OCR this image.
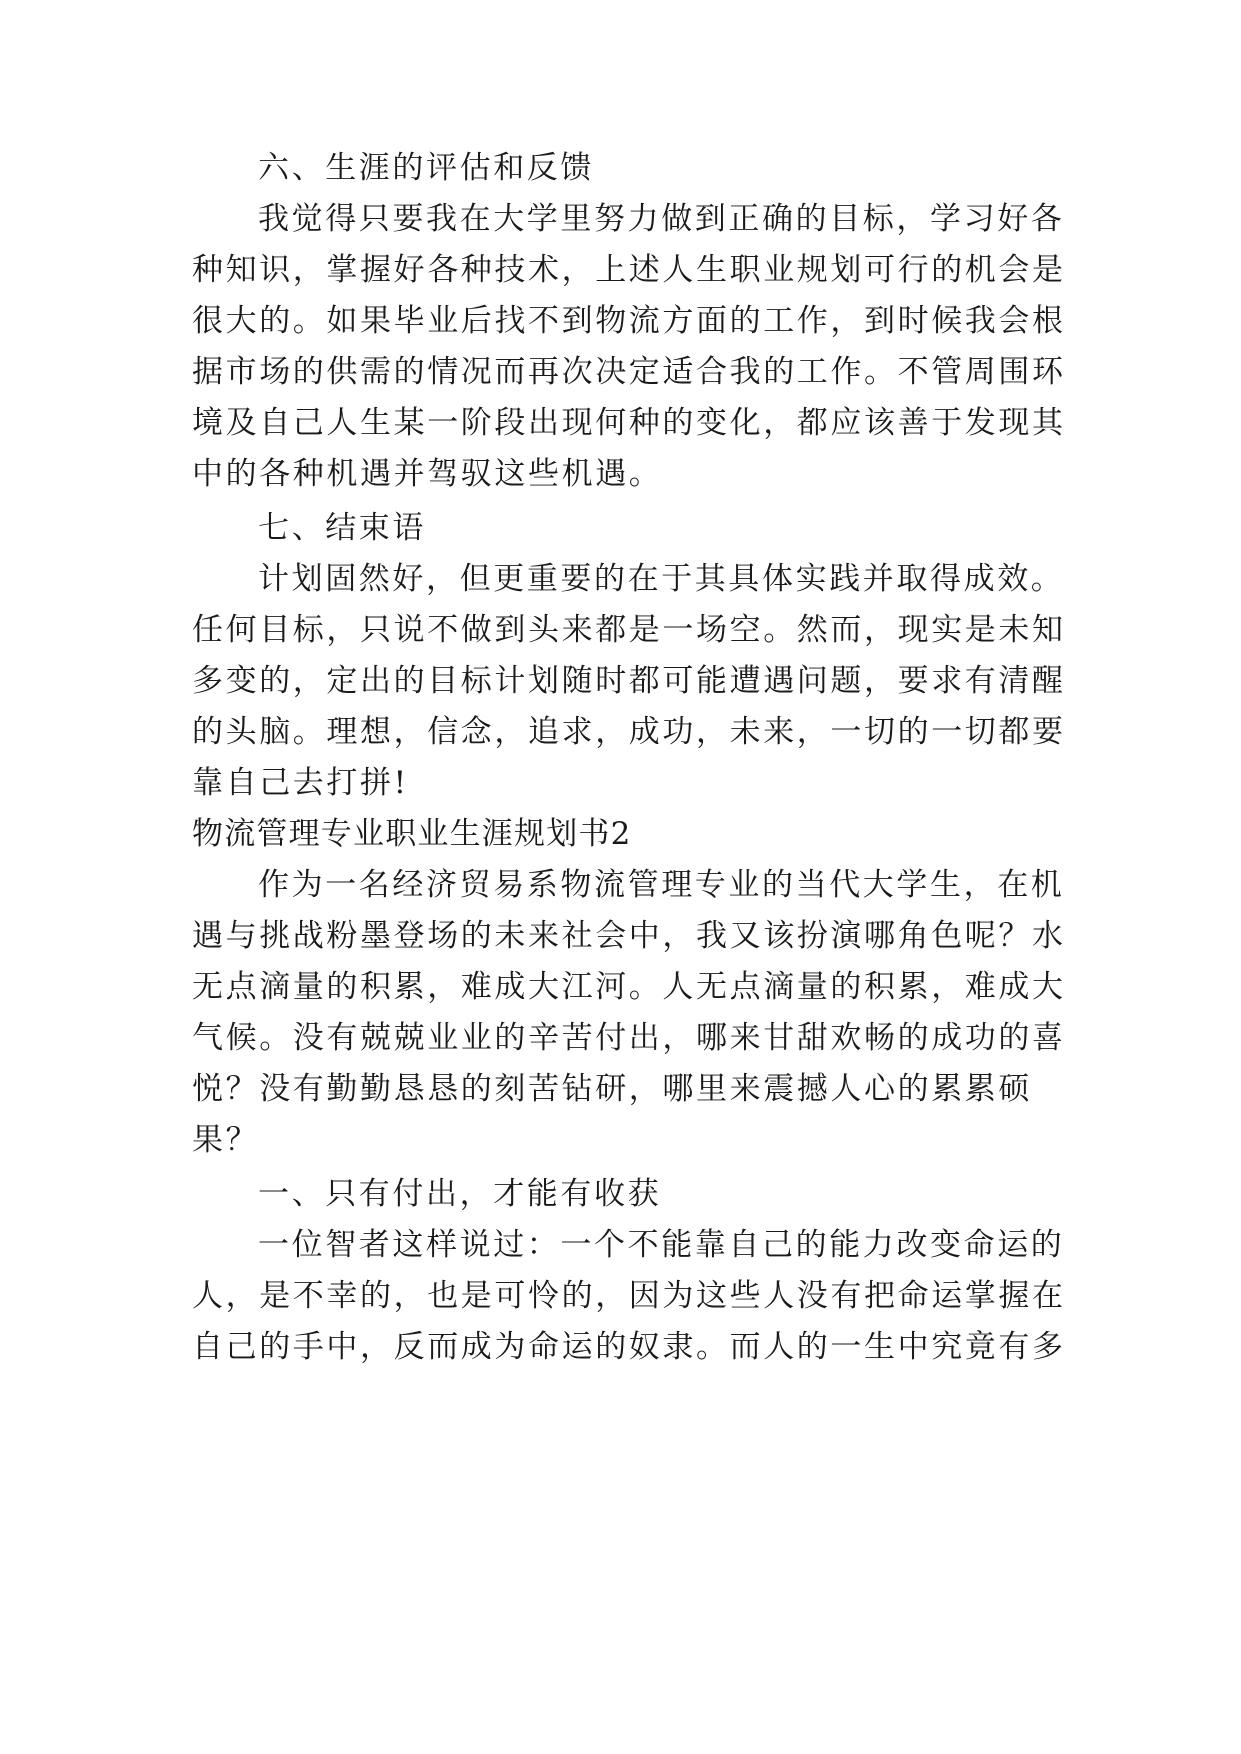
六、生涯的评估和反馈
我觉得只要我在大学里努力做到正确的目标，学习好各
种知识，掌握好各种技术，上述人生职业规划可行的机会是
很大的。如果毕业后找不到物流方面的工作，到时候我会根
据市场的供需的情况而再次决定适合我的工作。不管周围环
境及自己人生某一阶段出现何种的变化，都应该善于发现其
中的各种机遇并驾驭这些机遇。
七、结束语
计划固然好，但更重要的在于其具体实践并取得成效。
任何目标，只说不做到头来都是一场空。然而，现实是未知
多变的，定出的目标计划随时都可能遭遇问题，要求有清醒
的头脑。理想，信念，追求，成功，未来，一切的一切都要
靠自己去打拼!
物流管理专业职业生涯规划书2
作为一名经济贸易系物流管理专业的当代大学生，在机
遇与挑战粉墨登场的未来社会中，我又该扮演哪角色呢？水
无点滴量的积累，难成大江河。人无点滴量的积累，难成大
气候。没有兢兢业业的辛苦付出，哪来甘甜欢畅的成功的喜
悦？没有勤勤恳恳的刻苦钻研，哪里来震撼人心的累累硕
果？
一、只有付出，才能有收获
一位智者这样说过：一个不能靠自己的能力改变命运的
人，是不幸的，也是可怜的，因为这些人没有把命运掌握在
自己的手中，反而成为命运的奴隶。而人的一生中究竟有多
